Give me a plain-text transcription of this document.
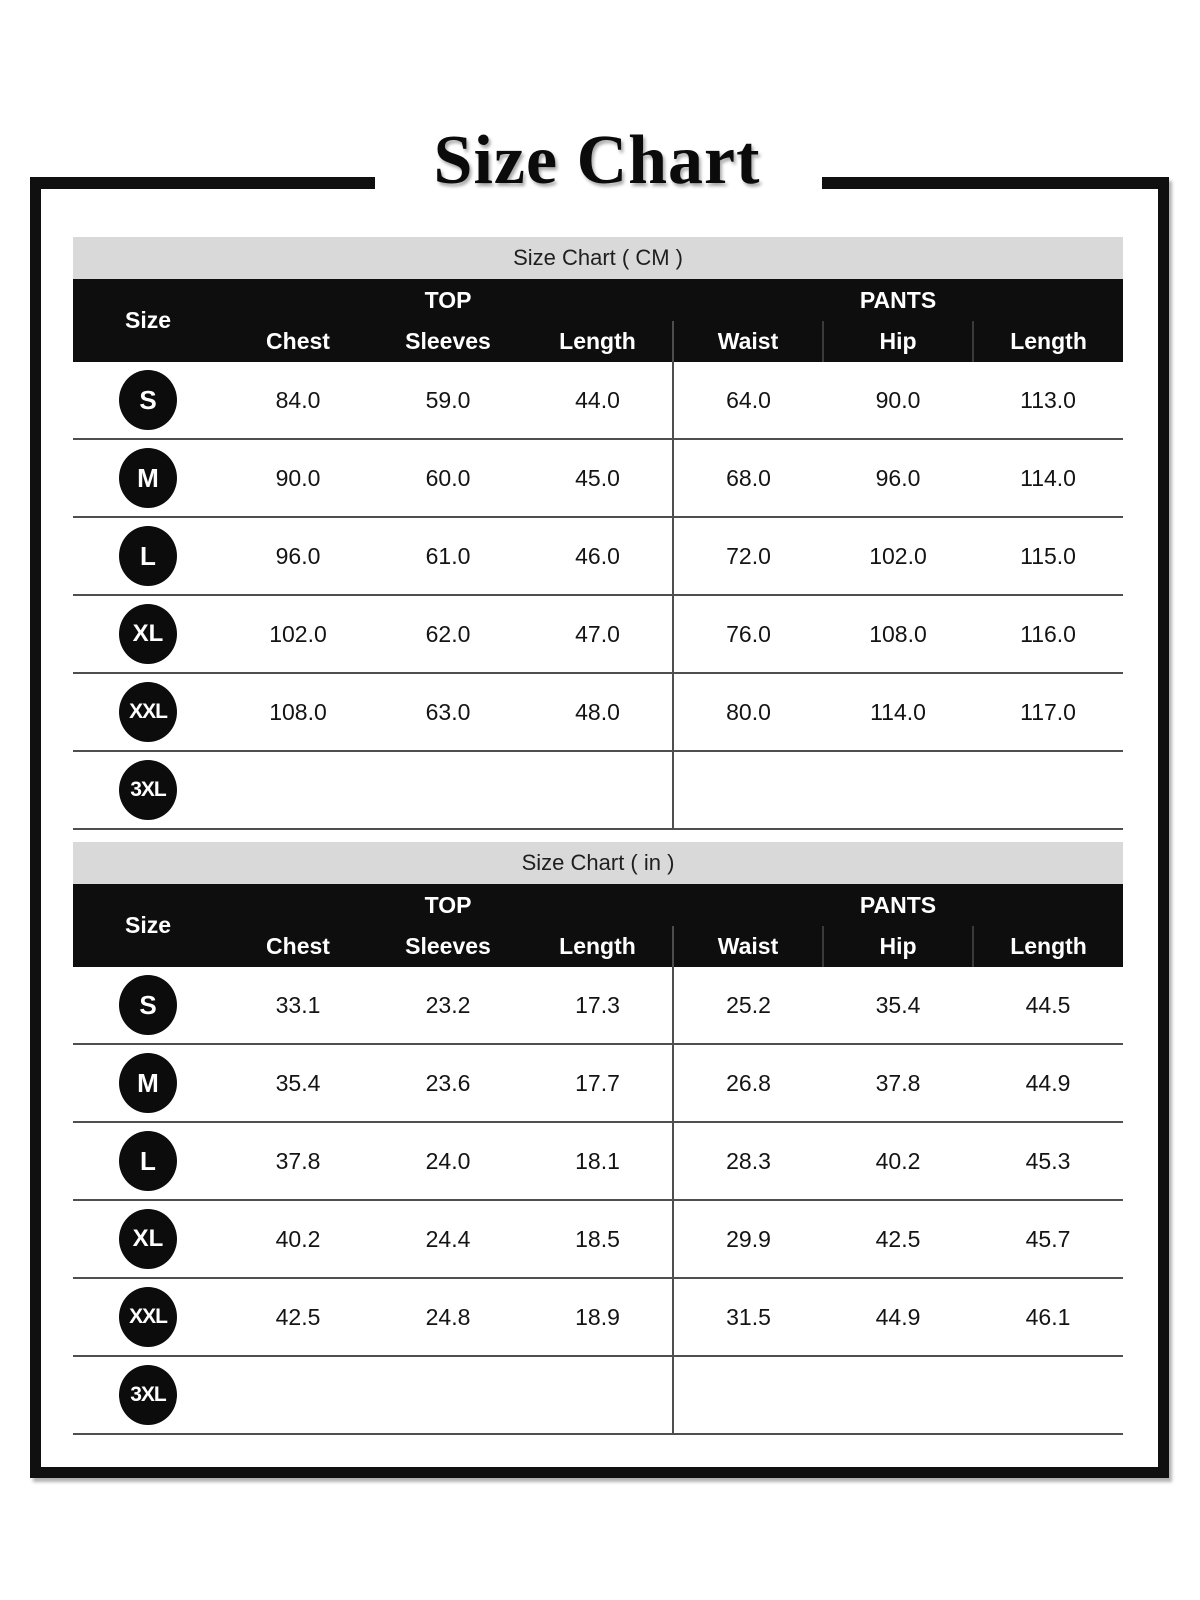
Size Chart
Size Chart ( CM )						
Size	TOP			PANTS		
	Chest	Sleeves	Length	Waist	Hip	Length
S	84.0	59.0	44.0	64.0	90.0	113.0
M	90.0	60.0	45.0	68.0	96.0	114.0
L	96.0	61.0	46.0	72.0	102.0	115.0
XL	102.0	62.0	47.0	76.0	108.0	116.0
XXL	108.0	63.0	48.0	80.0	114.0	117.0
3XL						
Size Chart ( in )						
Size	TOP			PANTS		
	Chest	Sleeves	Length	Waist	Hip	Length
S	33.1	23.2	17.3	25.2	35.4	44.5
M	35.4	23.6	17.7	26.8	37.8	44.9
L	37.8	24.0	18.1	28.3	40.2	45.3
XL	40.2	24.4	18.5	29.9	42.5	45.7
XXL	42.5	24.8	18.9	31.5	44.9	46.1
3XL						
